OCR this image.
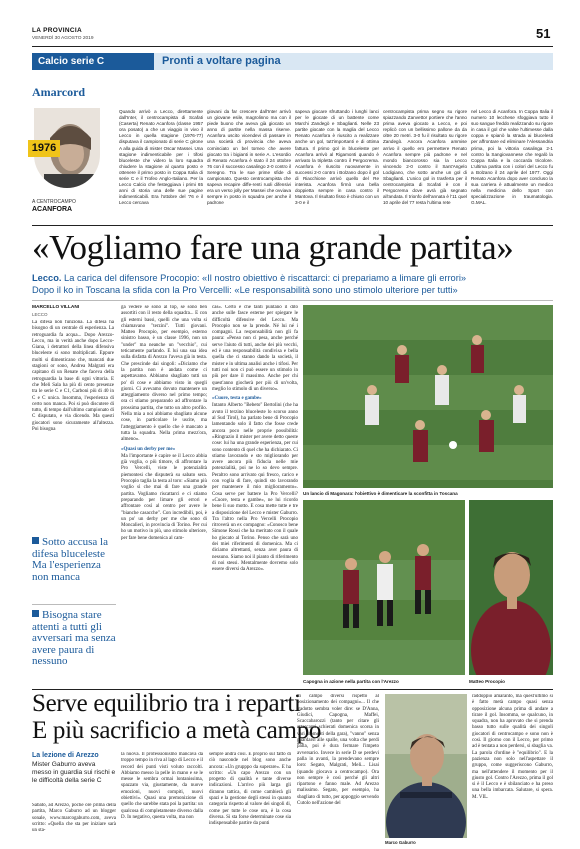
LA PROVINCIA
VENERDÌ 30 AGOSTO 2019	51
Calcio serie C	Pronti a voltare pagina
Amarcord
1976
A CENTROCAMPO
ACANFORA
Quando arrivò a Lecco, direttamente dall'Inter, il centrocampista di Scafati (Caserta) Renato Acanfora (classe 1957 ora posato) a che un viaggio in vivo il Lecco in quella stagione (1976-77) disputava il campionato di serie C girone A alla guida di mister Oscar Massei. Una stagione indimenticabile per i tifosi bluceleste che videro la loro squadra chiudere la stagione al quarto posto e ottenere il primo posto in Coppa Italia di serie C e il Trofeo Anglo-Italiano. Per la Lecco Calcio che festeggiava i primi 65 anni di storia una delle sue pagine indimenticabili. Era l'ottobre del '76 e il Lecco cercava
giovani da far crescere dall'Inter arrivò un giovane esile, magrolinno ma con il piede buono che aveva già giocato un anno di partite nella massa riserve. Acanfora uscito vicendevi di passare in una società di provincia che aveva cominciato un bel torneo che avere giocato tra i bigianti in serie A. L'esordio di Renato Acanfora è stato il 24 ottobre 76 con il successo casalingo 2-0 contro il Seregno. Tra le sue prime sfide di campionato. Questo centrocampista che sapeva recapire diffe-renti ruoli difensivi era un verso jolly per Massei che ovviava sempre in posto in squadra per anche il padrone
sapeva giocare sfruttando i lunghi lanci per le giocate di un battente come Marchi Zandegò e Sbaglianti. Nelle 23 partite giocate con la maglia del Lecco Renato Acanfora è riuscito a realizzare anche un gol, tutt'importanti e di ottima fattura. Il primo gol in bluceleste per Acanfora arrivò al Rigamonti quando è arrivato la tripletta contro il Pergocrema. Acanfora è riuscito nuovamente in successi 2-0 contro i Bolzano dopo il gol di Riacchione arrivò quello del Re interista. Acanfora firmò una bella doppietta sempre in casa contro il Mantova. Il risultato fisso è chiuso con un 3-0 e il
centrocampista prima segno su rigore spiazzando Zanvettor portiere che l'anno prima aveva giocato a Lecco, e poi replicò con un bellissimo pallone da da oltre 20 metri. 3-0 fu il risultato su rigore Zandegò. Ancora Acanfora ammise arrivo il quello ero permettere Renato Acanfora sempre più padrone e nel mondo biancorosso sia la Lecco vincendo 2-0 contro il Sant'Angelo Lodigiano, che sotto anche un gol di Sbaglianti. L'unico gol in trasferta per il centrocampista di Scafati è con il Pergocrema dove avrà già segnato all'andata. Il trionfo dell'annata è l'11 quel 10 aprile del 77 resta l'ultima rete
nel Lecco di Acanfora. In Coppa Italia il numero 10 lecchese sfoggiava tutto il suo sangue freddo realizzando su rigore in casa il gol che valse l'ultimesse dalla coppa e spianò la strada ai blucelesti per affrontare ed eliminare l'Alessandria prima, poi la vittoria casalinga 2-1 contro la Sangiovannese che regalò la Coppa Italia e la coccarda tricolore. L'ultima partita con i colori del Lecco fu a Bolzano il 24 aprile del 1977. Oggi Renato Acanfora dopo aver concluso la sua carriera è attualmente un medico nella medicina dello Sport con specializzazione in traumatologia. G.MAL.
«Vogliamo fare una grande partita»
Lecco. La carica del difensore Procopio: «Il nostro obiettivo è riscattarci: ci prepariamo a limare gli errori»
Dopo il ko in Toscana la sfida con la Pro Vercelli: «Le responsabilità sono uno stimolo ulteriore per tutti»
MARCELLO VILLANI
LECCO
La difesa non funziona. La difesa ha bisogno di un centrale di esperienza. La retroguardia fa acqua... Dopo Arezzo-Lecco, ma in verità anche dopo Lecco-Giana, i detrattori della linea difensiva bluceleste si sono moltiplicati. Eppure molti si dimenticano che, mancati due stagioni or sono, Andrea Malgrati era capitano di un Renate che faceva della retroguardia la base di ogni vittoria. E che Meli Sala ha più di cento presenze tra le serie C e C1, Carboni più di 40 in C e C unica. Insomma, l'esperienza di certo non manca. Poi si può discutere di tutto, di tempo dall'ultimo campionato di C disputato, e via dicendo. Ma questi giocatori sono sicuramente all'altezza. Poi bisogna
Sotto accusa la difesa bluceleste Ma l'esperienza non manca
Bisogna stare attenti a tutti gli avversari ma senza avere paura di nessuno
ga vedere se sono al top, se sono ben assortiti con il resto della squadra... E con gli esterni bassi, quelli che una volta si chiamavano "terzini". Tutti giovani. Matteo Procopio, per esempio, esterno sinistro basso, è un classe 1996, non un "under" ma neanche un "vecchio", cui teticamente parlando. E lui una sua idea sulla disfatta di Arezzo l'aveva già in testa. Che prescinde dai singoli: «Diciamo che la partita non è andata come ci aspettavamo. Abbiamo sbagliato tutti un po' di cose e abbiamo visto in quegli giorni. Ci avevamo dovuto mantenere un atteggiamento diverso nel primo tempo; ora ci stiamo preparando ad affrontare la prossima partita, che tutto un altro profilo. Nella mia a noi abbiamo sbagliato alcune cose, in particolare le uscite, ma l'atteggiamento è quello che è mancato a tutta la squadra. Nella prima mezz'ora, almeno».
«Quasi un derby per me»
Ma l'importante è capire se il Lecco abbia già voglia, o più timore, di affrontare la Pro Vercelli, viste le potenzialità piemontesi che disputerà su sabato sera. Procopio taglia la testa al toro: «Siamo più voglio sì che mai di fare una grande partita. Vogliamo riscattarci e ci stiamo preparando per limare gli errori e affrontare così al centro per avere le "bianche casacche". Con incredibili, poi, è un po' un derby per me che sono di Moncalieri, in provincia di Torino. Per cui ho un motivo in più, uno stimolo ulteriore, per fare bene domenica al cam-
cas». Certo è che tanti puntano il dito anche sulle fasce esterne per spiegare le difficoltà difensive del Lecco. Ma Procopio non se la prende. Né lui né i compagni. La responsabilità non gli fa paura: «Penso non ci pesa, anche perché serve l'aiuto di tutti, anche dei più vecchi, ed è una responsabilità condivisa e bella quella che ci stanno dando la società, il mister e in ultima analisi anche i tifosi. Per tutti noi non ci può essere un stimolo in più per dare il massimo. Anche per chi quest'anno giocherà per più di un'volta, meglio lo stimolo di un diverso».
«Cuore, testa e gambe»
Intanto Alberto "Bebeto" Bertolini (che ha avuto il terzino bluceleste lo scorso anno al Sud Tirol), ha parlato bene di Procopio lamentando solo il fatto che fosse crede ancora poco nelle proprie possibilità: «Ringrazio il mister per avere detto queste cose: lui ha una grande esperienza, per cui sono contento di quel che ha dichiarato. Ci stiamo lavorando e sto migliorando per avere ancora più fiducia nelle mie potenzialità, poi ne lo so devo sempre. Peraltro sono arrivato qui fresco, carico e con voglia di fare, quindi sto lavorando per mantenere il mio miglioramento». Cosa serve per battere la Pro Vercelli? «Cuore, testa e gambe», ne lui ricordo bene li suo motto. E cosa mette tutte e tre a disposizione del Lecco e mister Gaburro. Tra l'altro nella Pro Vercelli Procopio ritroverà un ex compagno: «Conosco bene Simone Rossi che ha meritato con il quale ho giocato al Torino. Penso che sarà uno dei miei riferimenti di domenica. Ma ci diciamo altrettanti, senza aver paura di nessuno. Siamo noi il pianto di riferimento di noi stessi. Mentalmente dovremo solo essere diversi da Arezzo».
Un lancio di Magonara: l'obiettivo è dimenticare la sconfitta in Toscana
Capogna in azione nella partita con l'Arezzo	Matteo Procopio
Serve equilibrio tra i reparti
E più sacrificio a metà campo
La lezione di Arezzo
Mister Gaburro aveva messo in guardia sui rischi e le difficoltà della serie C
Sabato, ad Arezzo, poche ore prima della partita, Marco Gaburro ad un blogger sonale, www.marcogaburro.com, aveva scritto: «Quella che sta per iniziare sarà un sta-
la nuova. Il professionismo mancava da troppo tempo in riva al lago di Lecco e il record dei punti visti voluto raccolti. Abbiamo messo la pelle in mano e se le messe le sembra ormai lontanissima, spazzato via, giustamente, da nuove emozioni, nuovi compiti, nuovi obiettivi». Quasi una premonizione di quello che sarebbe stata poi la partita: un qualcosa di completamente diverso dalla D. In negativo, questa volta, ma non
sempre andrà così. E proprio sul fatto di ciò nasconde nel blog sono anche ancora: «Un grupppo da superare». E ha scritto: «Un capo Arezzo con un progetto di qualità e tante diverse indicazioni. L'arrivo più larga gli diranno tattica, di come cambierà gli spazi e la gestione degli stessi in quanto categoria rispetto al valore dei singoli di, come per tutte le cose ora, è la cosa diversa. Si sta forse determinate cose sia indispensabile partire da punti
di campo diversi rispetto al posizionamento dei compagni»... Il che tradotto sembra voler dire: se D'Anna, Giudici, Capogna, Maffei, Scaccabarozzi (tanto per citare gli attaccanti schierati domenica scorsa in vari momenti della gara), "vanno" senza guardarsi alle spalle, una volta che perdi palla, poi è dura fermare l'impeto avversario. Invece in serie D se perdevi palla in avanti, la prendevano sempre loro: Segato, Malgrati, Meli... Lisai (quando giocava a centrocampo). Ora non sempre è così perché gli altri ripartono e fanno male. Ad Arezzo malissimo. Segato, per esempio, ha sbagliato di tutto, per appoggio servendo Cutolo nell'azione del
Marco Gaburro
raddoppio amaranto, ma quest'ultimo si è fatto metà campo quasi senza opposizione alcuna prima di andare a tirare il gol. Insomma, se qualcuno, in squadra, non ha aprovato che si prenda basso tutto sulle qualità dei singoli giocatori di centrocampo e sono non è così. Il giorno con il Lecco, per primo ad è tentata a non perdersi, si sbaglia va. La parola d'ordine è "equilibrio". E la pazienza non solo nell'aspettare il gruppo, come suggeriscono Gaburro, ma nell'attendere il momento per il giusto gol. Contro l'Arezzo, prima il gol si è il Lecco e è sbilanciato e ha preso una bella imbarcata. Salutare, si spera. M. VIL.
